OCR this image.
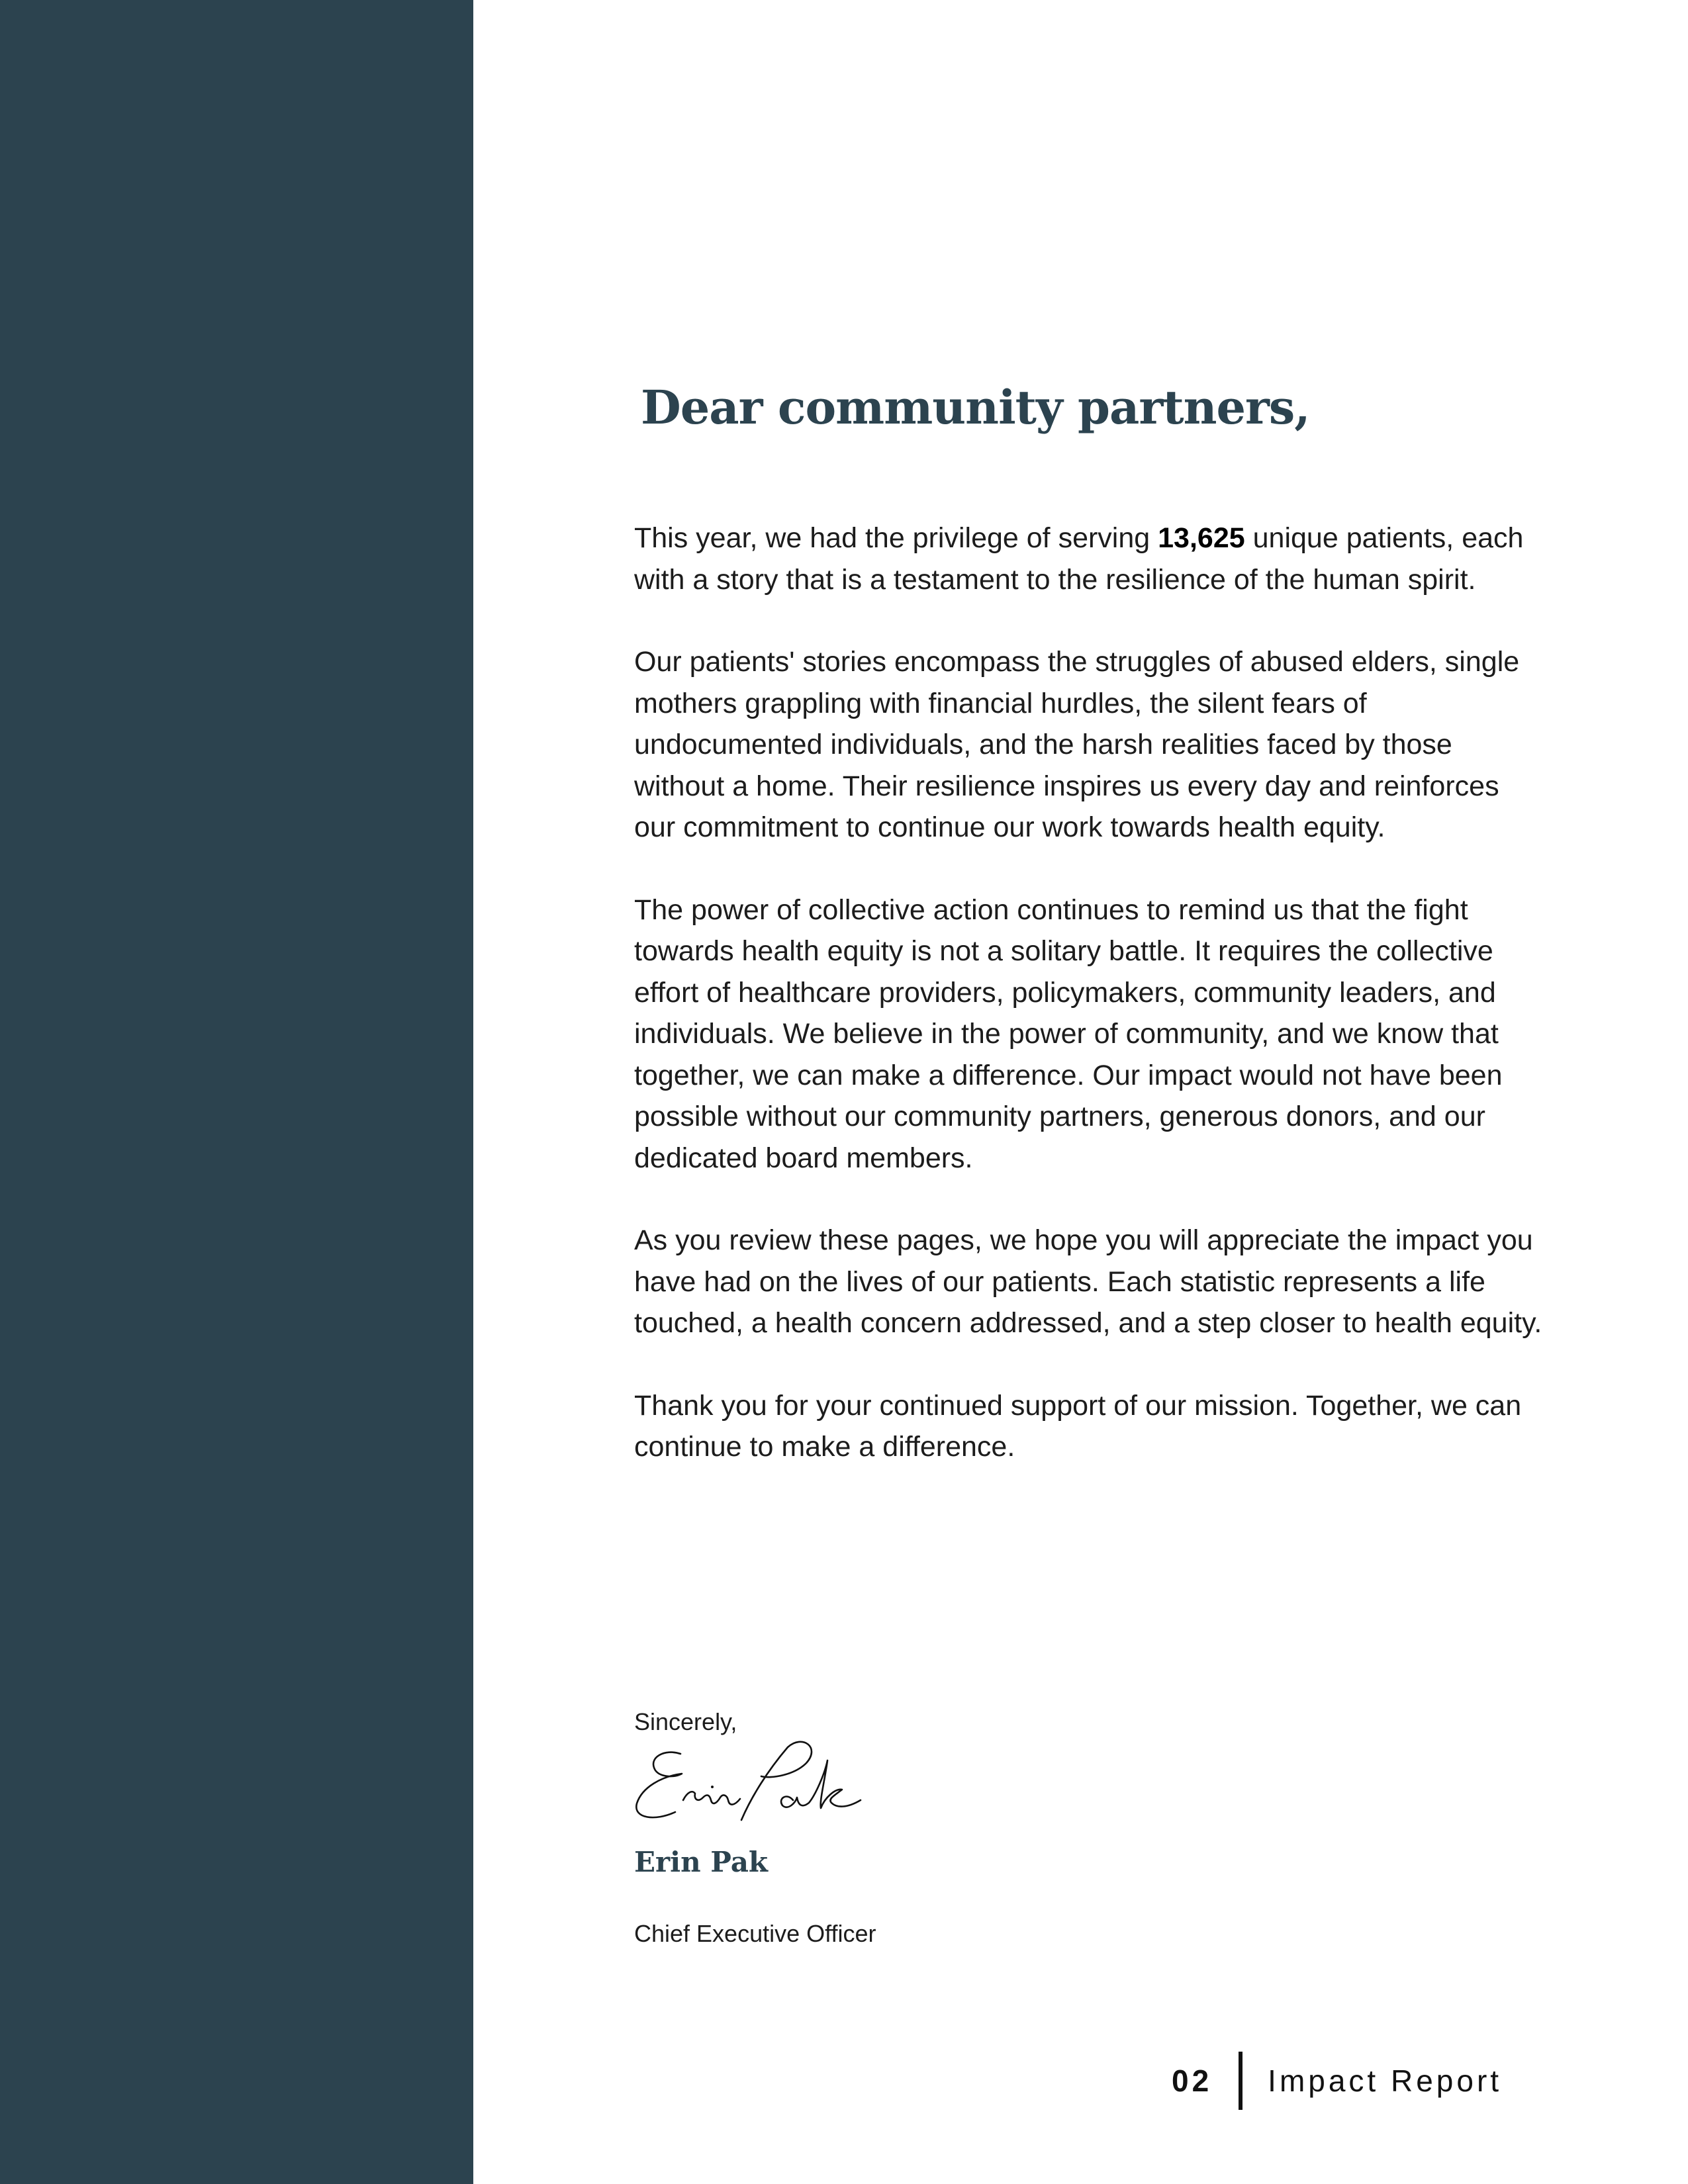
Dear community partners,

This year, we had the privilege of serving 13,625 unique patients, each with a story that is a testament to the resilience of the human spirit.

Our patients' stories encompass the struggles of abused elders, single mothers grappling with financial hurdles, the silent fears of undocumented individuals, and the harsh realities faced by those without a home. Their resilience inspires us every day and reinforces our commitment to continue our work towards health equity.

The power of collective action continues to remind us that the fight towards health equity is not a solitary battle. It requires the collective effort of healthcare providers, policymakers, community leaders, and individuals. We believe in the power of community, and we know that together, we can make a difference. Our impact would not have been possible without our community partners, generous donors, and our dedicated board members.

As you review these pages, we hope you will appreciate the impact you have had on the lives of our patients. Each statistic represents a life touched, a health concern addressed, and a step closer to health equity.

Thank you for your continued support of our mission. Together, we can continue to make a difference.

Sincerely,
Erin Pak
Chief Executive Officer
02 Impact Report
